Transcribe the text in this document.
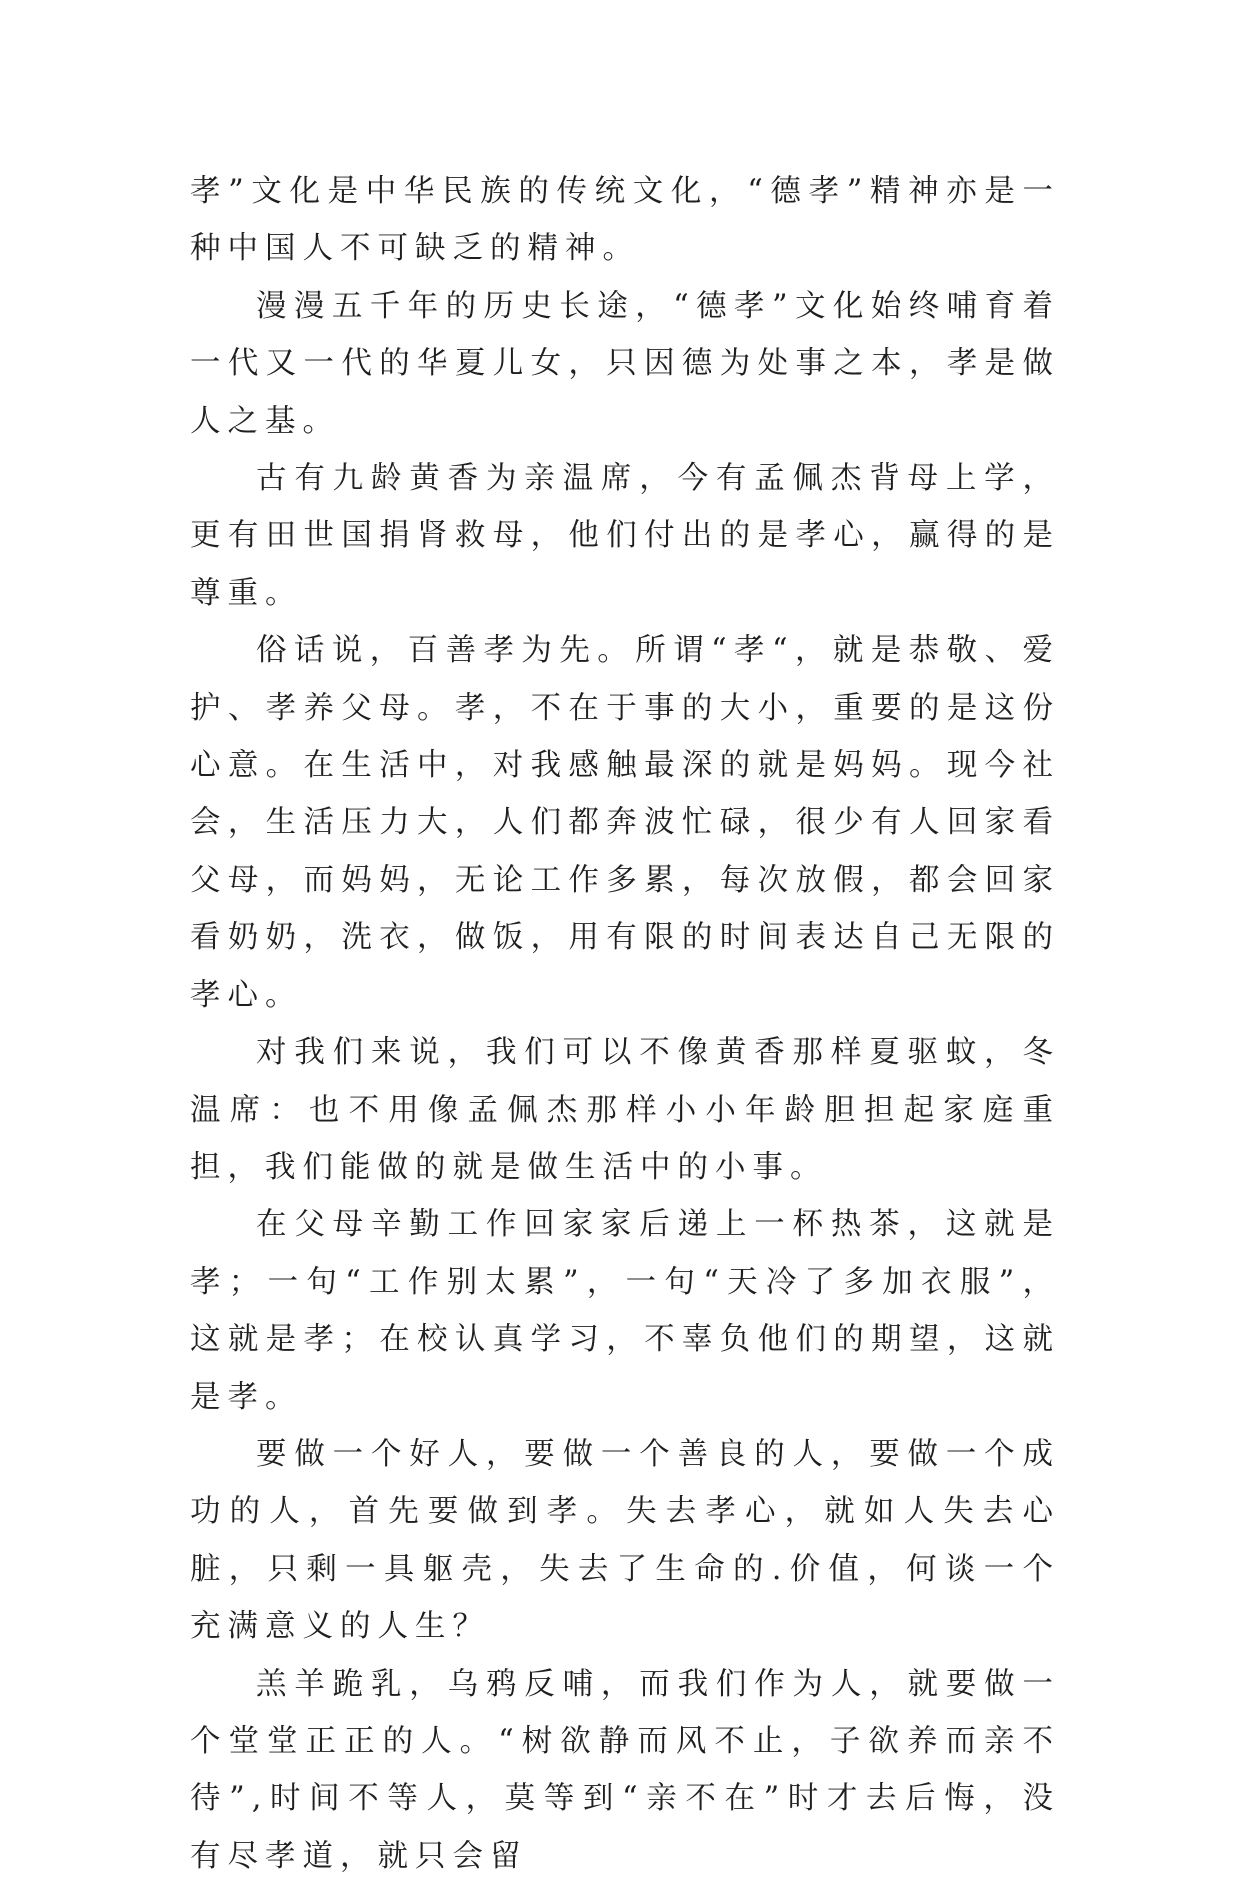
孝”文化是中华民族的传统文化，“德孝”精神亦是一种中国人不可缺乏的精神。

漫漫五千年的历史长途，“德孝”文化始终哺育着一代又一代的华夏儿女，只因德为处事之本，孝是做人之基。

古有九龄黄香为亲温席，今有孟佩杰背母上学，更有田世国捐肾救母，他们付出的是孝心，赢得的是尊重。

俗话说，百善孝为先。所谓“孝“，就是恭敬、爱护、孝养父母。孝，不在于事的大小，重要的是这份心意。在生活中，对我感触最深的就是妈妈。现今社会，生活压力大，人们都奔波忙碌，很少有人回家看父母，而妈妈，无论工作多累，每次放假，都会回家看奶奶，洗衣，做饭，用有限的时间表达自己无限的孝心。

对我们来说，我们可以不像黄香那样夏驱蚊，冬温席：也不用像孟佩杰那样小小年龄胆担起家庭重担，我们能做的就是做生活中的小事。

在父母辛勤工作回家家后递上一杯热茶，这就是孝；一句“工作别太累”，一句“天冷了多加衣服”，这就是孝；在校认真学习，不辜负他们的期望，这就是孝。

要做一个好人，要做一个善良的人，要做一个成功的人，首先要做到孝。失去孝心，就如人失去心脏，只剩一具躯壳，失去了生命的.价值，何谈一个充满意义的人生？

羔羊跪乳，乌鸦反哺，而我们作为人，就要做一个堂堂正正的人。“树欲静而风不止，子欲养而亲不待”,时间不等人，莫等到“亲不在”时才去后悔，没有尽孝道，就只会留
